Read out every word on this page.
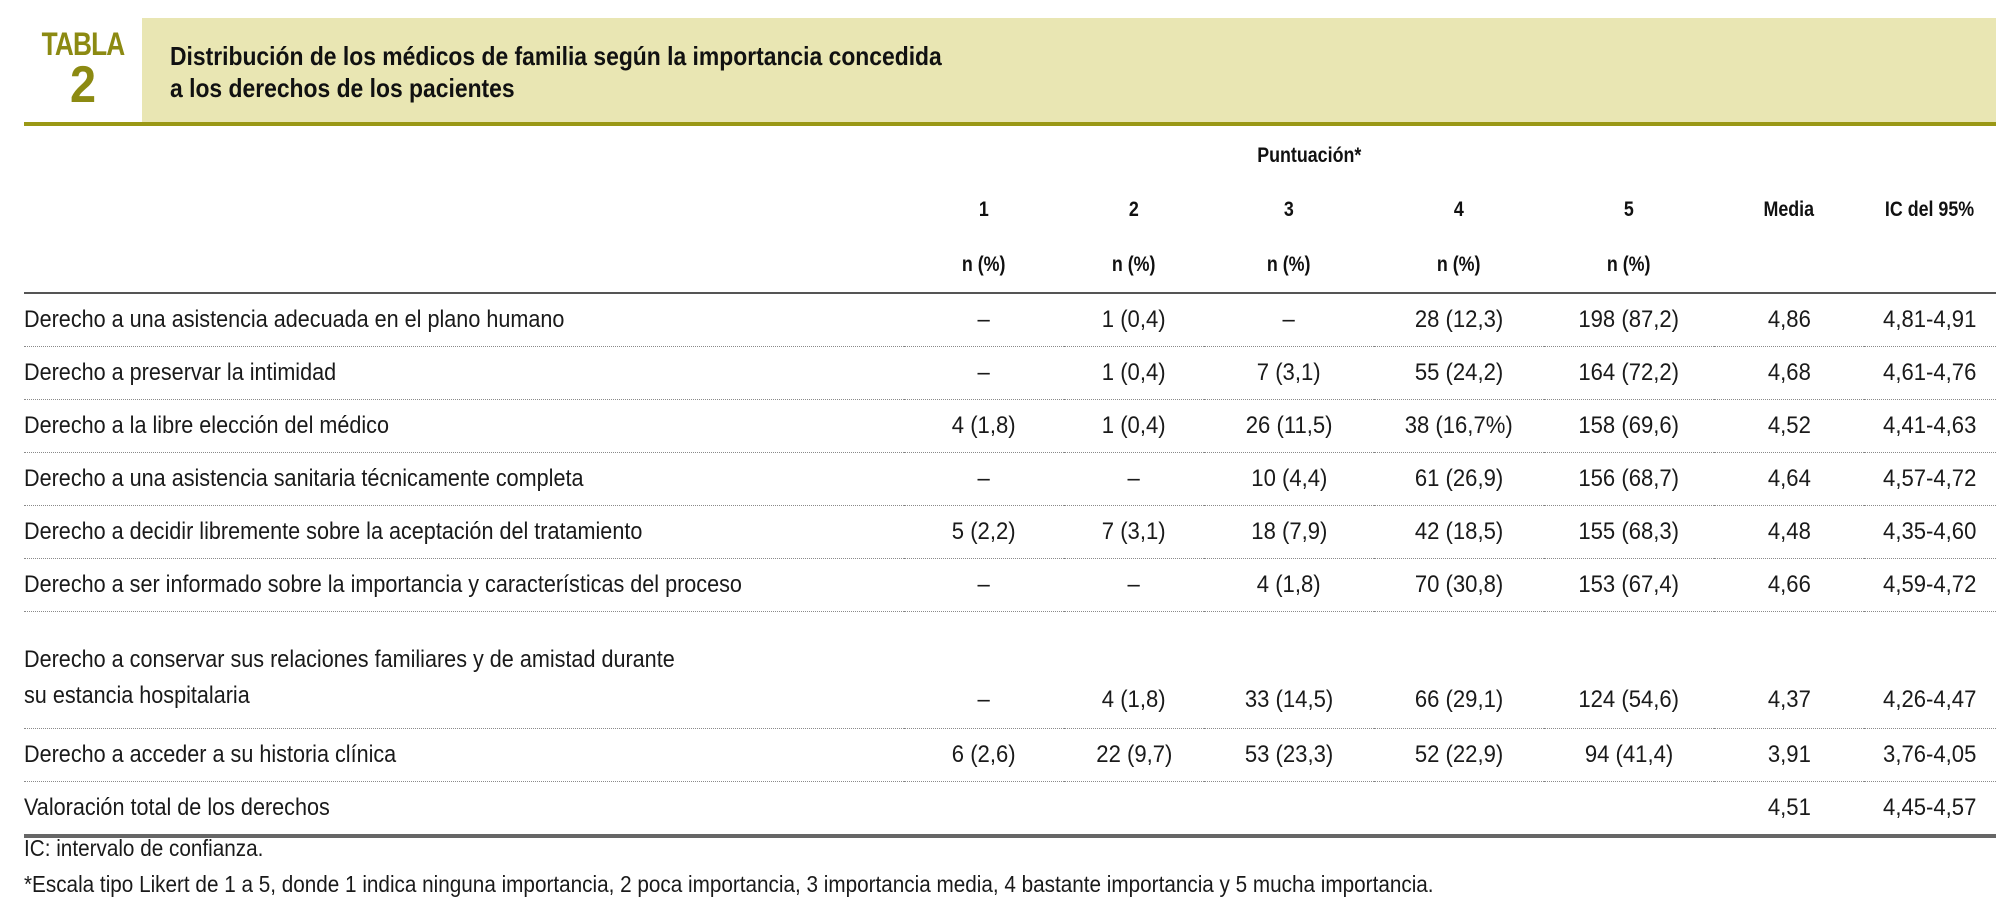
TABLA
2	Distribución de los médicos de familia según la importancia concedida
a los derechos de los pacientes
	Puntuación*						
	1	2	3	4	5	Media	IC del 95%
	n (%)	n (%)	n (%)	n (%)	n (%)		
Derecho a una asistencia adecuada en el plano humano	–	1 (0,4)	–	28 (12,3)	198 (87,2)	4,86	4,81-4,91
Derecho a preservar la intimidad	–	1 (0,4)	7 (3,1)	55 (24,2)	164 (72,2)	4,68	4,61-4,76
Derecho a la libre elección del médico	4 (1,8)	1 (0,4)	26 (11,5)	38 (16,7%)	158 (69,6)	4,52	4,41-4,63
Derecho a una asistencia sanitaria técnicamente completa	–	–	10 (4,4)	61 (26,9)	156 (68,7)	4,64	4,57-4,72
Derecho a decidir libremente sobre la aceptación del tratamiento	5 (2,2)	7 (3,1)	18 (7,9)	42 (18,5)	155 (68,3)	4,48	4,35-4,60
Derecho a ser informado sobre la importancia y características del proceso	–	–	4 (1,8)	70 (30,8)	153 (67,4)	4,66	4,59-4,72
Derecho a conservar sus relaciones familiares y de amistad durante
su estancia hospitalaria	–	4 (1,8)	33 (14,5)	66 (29,1)	124 (54,6)	4,37	4,26-4,47
Derecho a acceder a su historia clínica	6 (2,6)	22 (9,7)	53 (23,3)	52 (22,9)	94 (41,4)	3,91	3,76-4,05
Valoración total de los derechos						4,51	4,45-4,57
IC: intervalo de confianza.
*Escala tipo Likert de 1 a 5, donde 1 indica ninguna importancia, 2 poca importancia, 3 importancia media, 4 bastante importancia y 5 mucha importancia.
